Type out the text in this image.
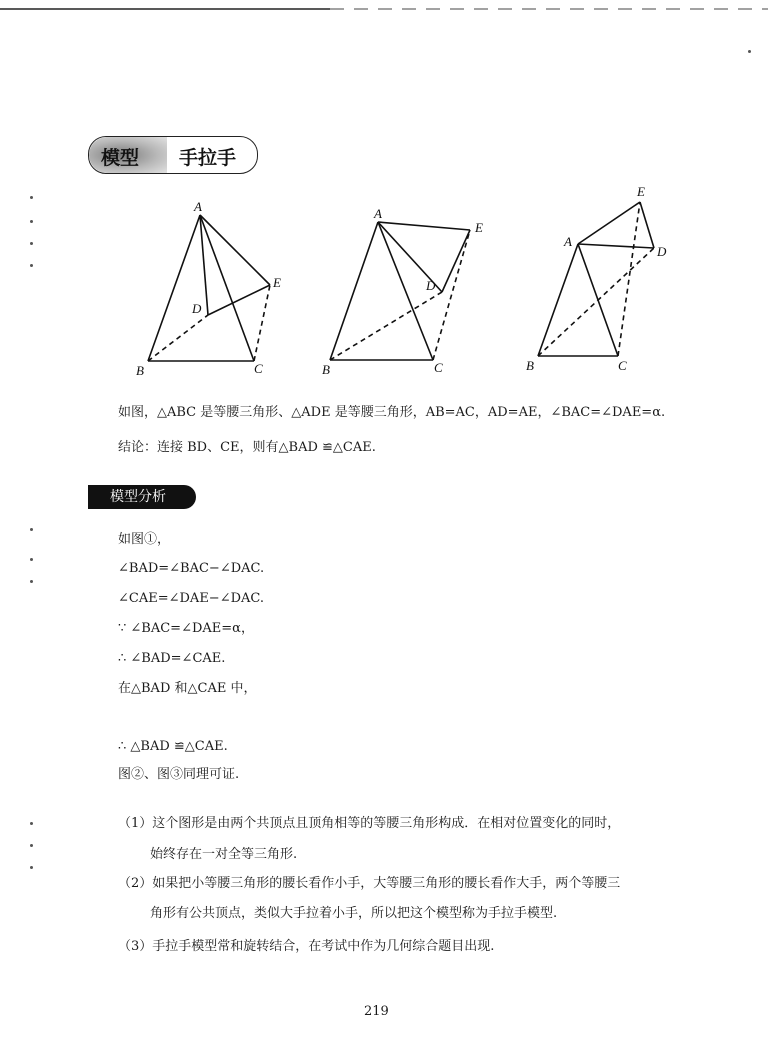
模型 手拉手
A
B	C
D
E
A
B	C
D
E
A
B	C
D
E
如图，△ABC 是等腰三角形、△ADE 是等腰三角形，AB=AC，AD=AE，∠BAC=∠DAE=α.
结论：连接 BD、CE，则有△BAD ≌△CAE.
模型分析
如图①，
∠BAD=∠BAC−∠DAC.
∠CAE=∠DAE−∠DAC.
∵ ∠BAC=∠DAE=α，
∴ ∠BAD=∠CAE.
在△BAD 和△CAE 中，
∴ △BAD ≌△CAE.
图②、图③同理可证.
（1）这个图形是由两个共顶点且顶角相等的等腰三角形构成．在相对位置变化的同时，
始终存在一对全等三角形.
（2）如果把小等腰三角形的腰长看作小手，大等腰三角形的腰长看作大手，两个等腰三
角形有公共顶点，类似大手拉着小手，所以把这个模型称为手拉手模型.
（3）手拉手模型常和旋转结合，在考试中作为几何综合题目出现.
219
